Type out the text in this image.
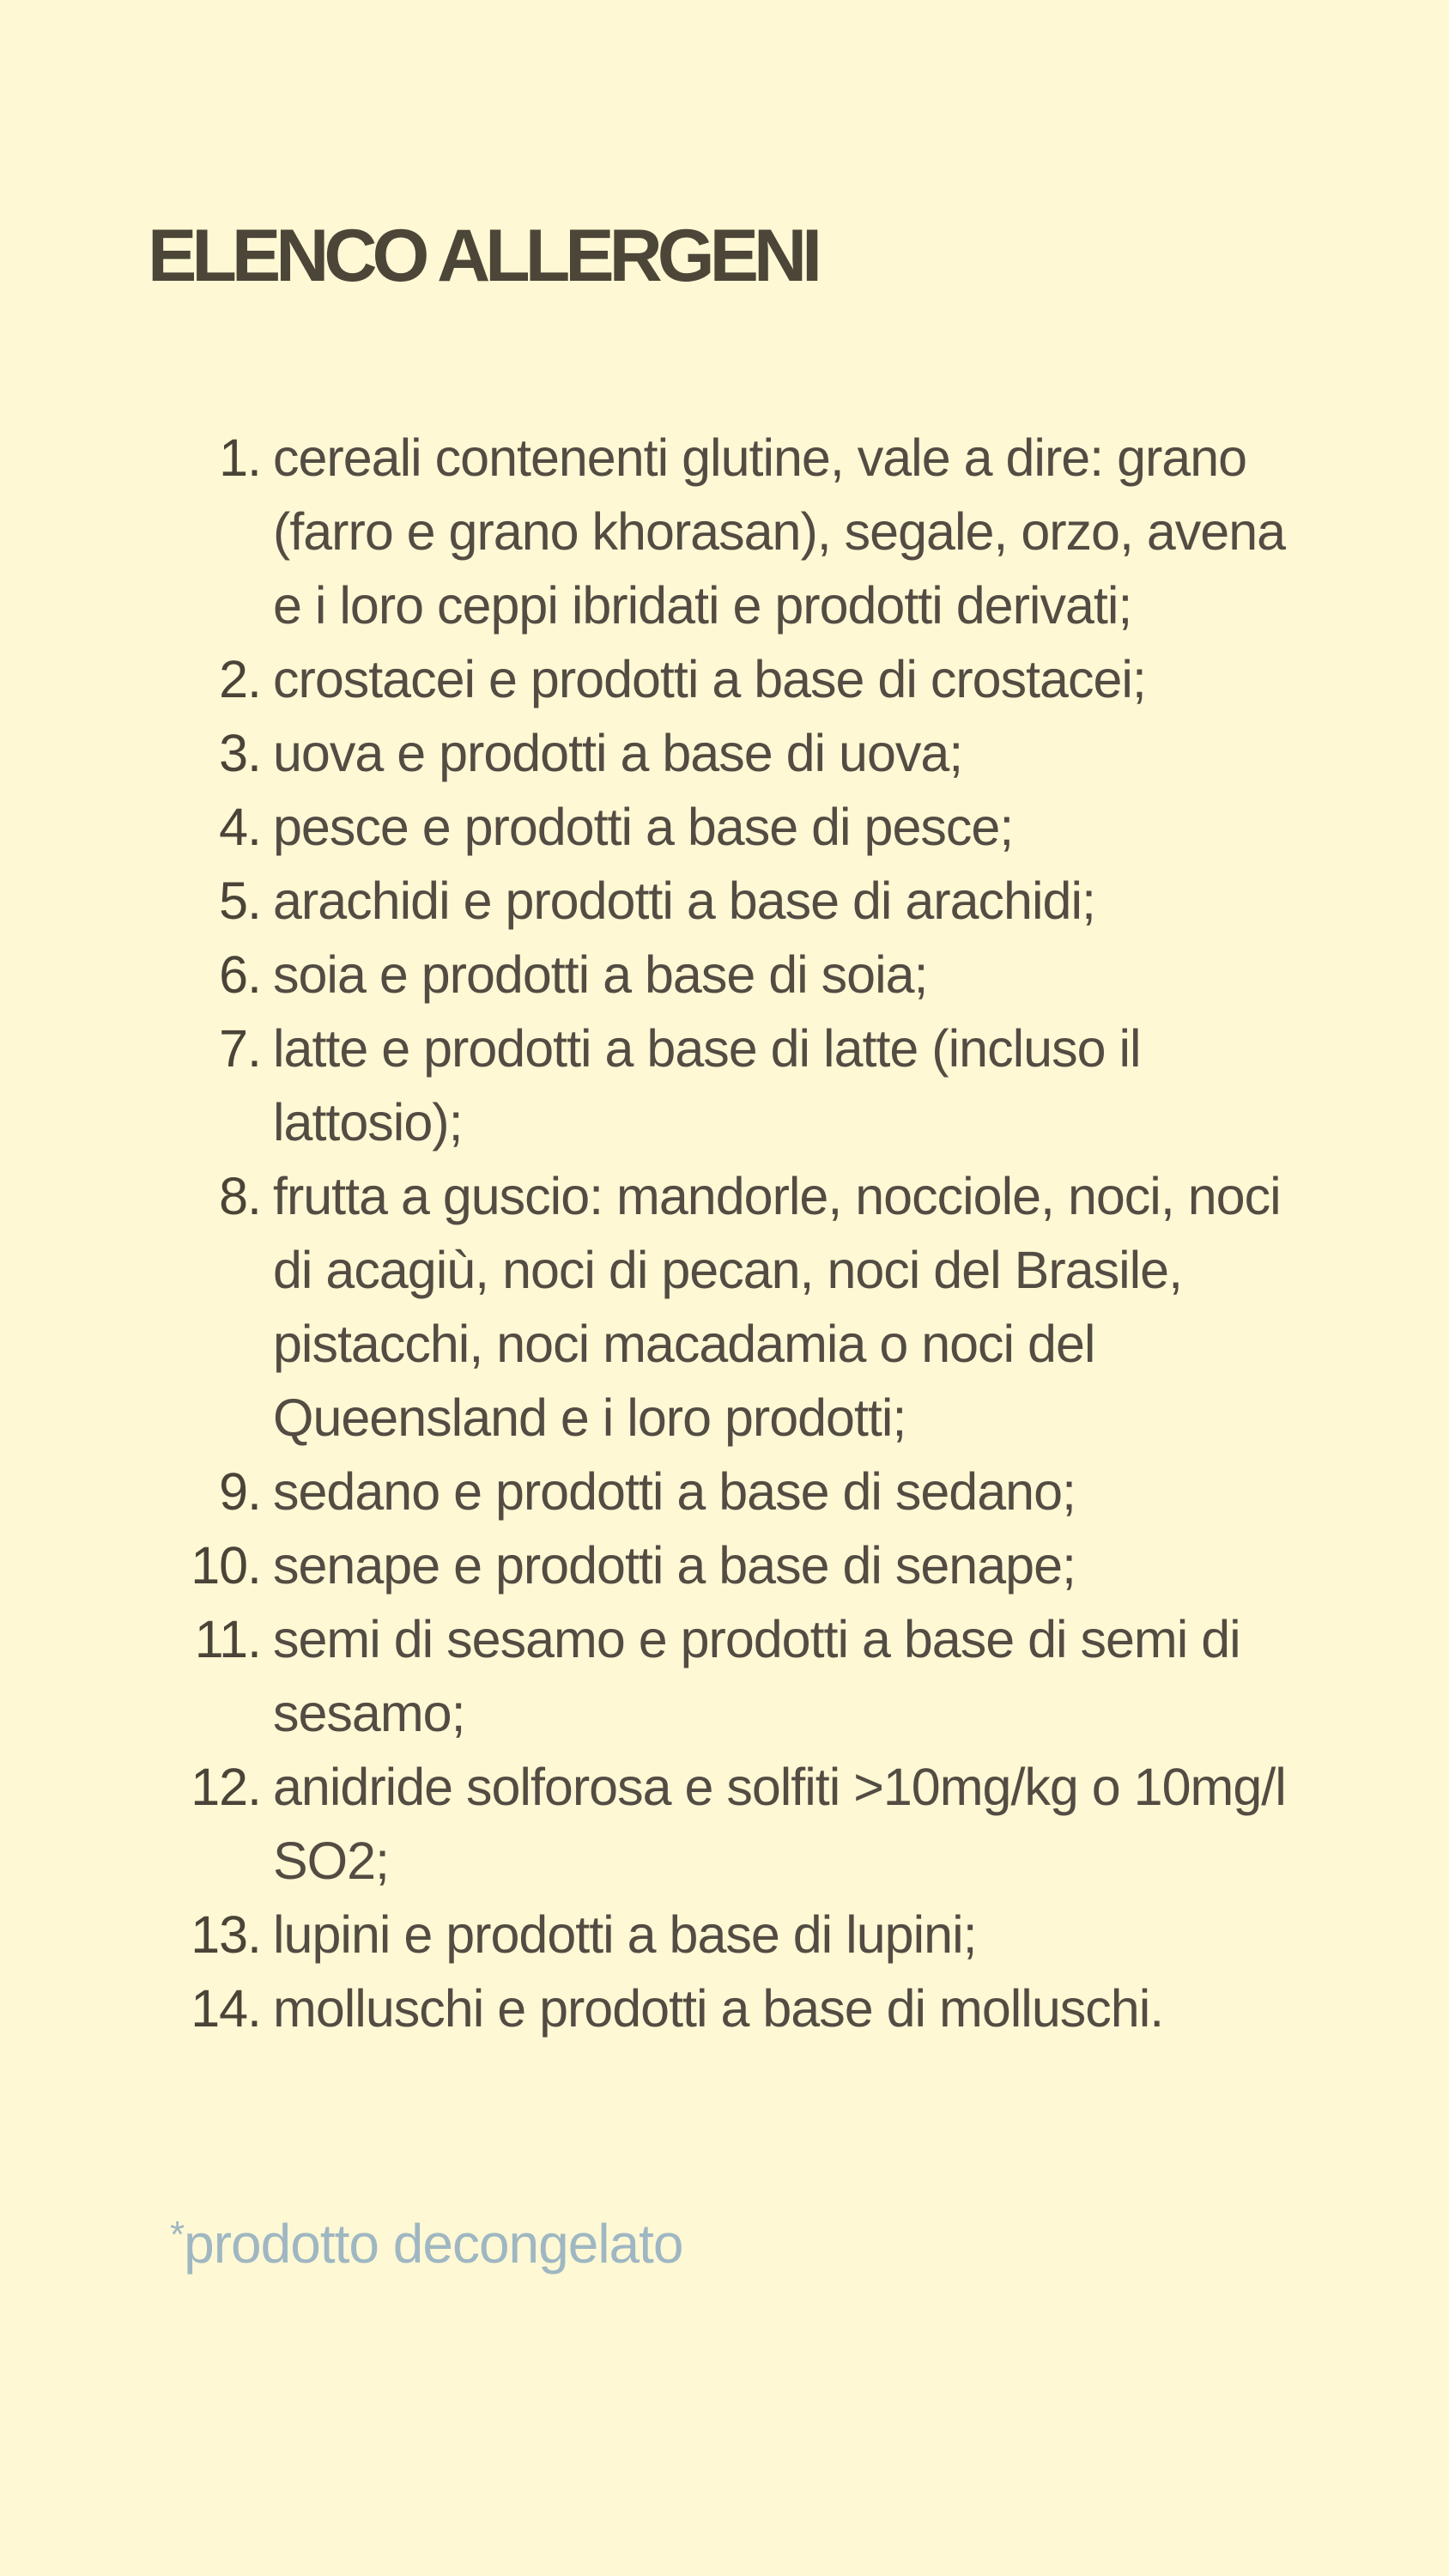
ELENCO ALLERGENI
1. cereali contenenti glutine, vale a dire: grano (farro e grano khorasan), segale, orzo, avena e i loro ceppi ibridati e prodotti derivati;
2. crostacei e prodotti a base di crostacei;
3. uova e prodotti a base di uova;
4. pesce e prodotti a base di pesce;
5. arachidi e prodotti a base di arachidi;
6. soia e prodotti a base di soia;
7. latte e prodotti a base di latte (incluso il lattosio);
8. frutta a guscio: mandorle, nocciole, noci, noci di acagiù, noci di pecan, noci del Brasile, pistacchi, noci macadamia o noci del Queensland e i loro prodotti;
9. sedano e prodotti a base di sedano;
10. senape e prodotti a base di senape;
11. semi di sesamo e prodotti a base di semi di sesamo;
12. anidride solforosa e solfiti >10mg/kg o 10mg/l SO2;
13. lupini e prodotti a base di lupini;
14. molluschi e prodotti a base di molluschi.

*prodotto decongelato
